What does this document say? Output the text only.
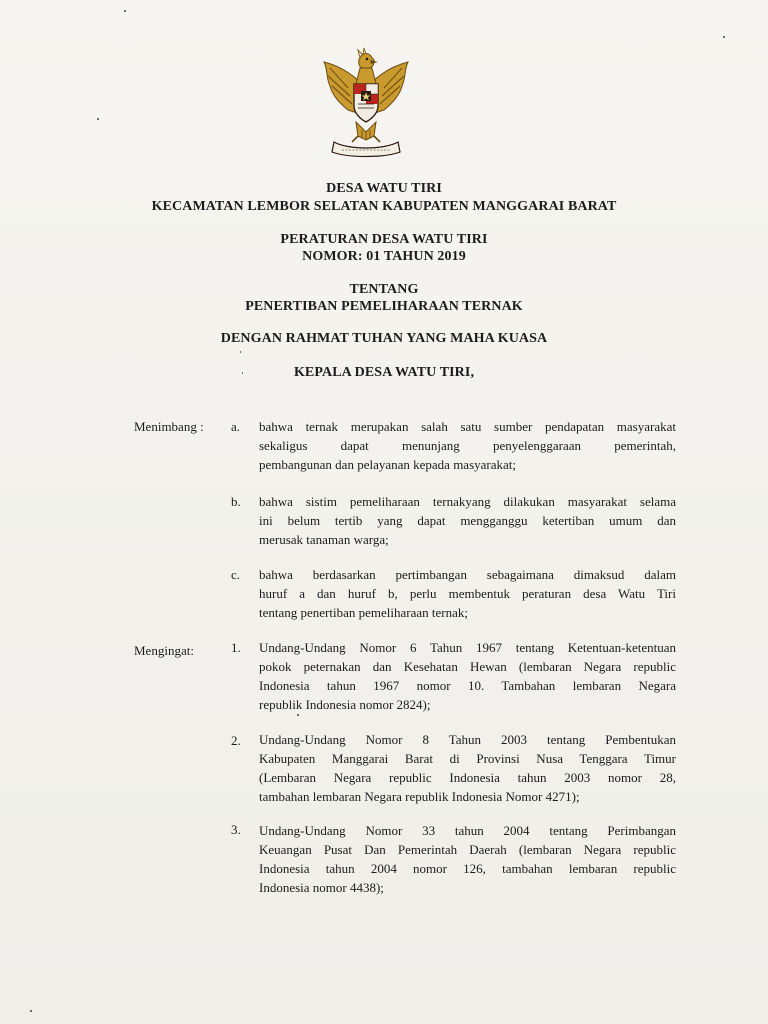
DESA WATU TIRI
KECAMATAN LEMBOR SELATAN KABUPATEN MANGGARAI BARAT
PERATURAN DESA WATU TIRI
NOMOR: 01 TAHUN 2019
TENTANG
PENERTIBAN PEMELIHARAAN TERNAK
DENGAN RAHMAT TUHAN YANG MAHA KUASA
KEPALA DESA WATU TIRI,
Menimbang : a.	bahwa ternak merupakan salah satu sumber pendapatan masyarakat
sekaligus dapat menunjang penyelenggaraan pemerintah,
pembangunan dan pelayanan kepada masyarakat;
b.	bahwa sistim pemeliharaan ternakyang dilakukan masyarakat selama
ini belum tertib yang dapat mengganggu ketertiban umum dan
merusak tanaman warga;
c.	bahwa berdasarkan pertimbangan sebagaimana dimaksud dalam
huruf a dan huruf b, perlu membentuk peraturan desa Watu Tiri
tentang penertiban pemeliharaan ternak;
Mengingat:	1.	Undang-Undang Nomor 6 Tahun 1967 tentang Ketentuan-ketentuan
pokok peternakan dan Kesehatan Hewan (lembaran Negara republic
Indonesia tahun 1967 nomor 10. Tambahan lembaran Negara
republik Indonesia nomor 2824);
2.	Undang-Undang Nomor 8 Tahun 2003 tentang Pembentukan
Kabupaten Manggarai Barat di Provinsi Nusa Tenggara Timur
(Lembaran Negara republic Indonesia tahun 2003 nomor 28,
tambahan lembaran Negara republik Indonesia Nomor 4271);
3.	Undang-Undang Nomor 33 tahun 2004 tentang Perimbangan
Keuangan Pusat Dan Pemerintah Daerah (lembaran Negara republic
Indonesia tahun 2004 nomor 126, tambahan lembaran republic
Indonesia nomor 4438);
